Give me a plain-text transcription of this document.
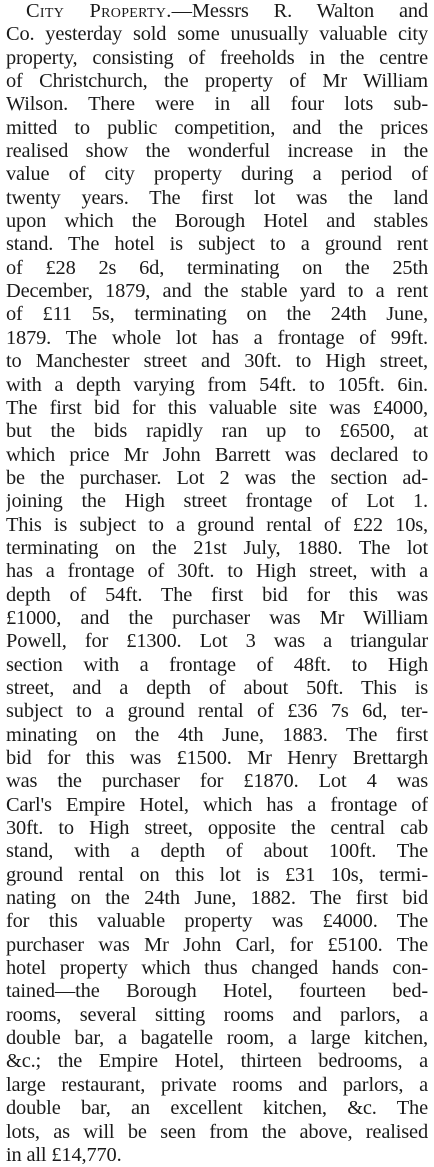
City Property.—Messrs R. Walton and
Co. yesterday sold some unusually valuable city
property, consisting of freeholds in the centre
of Christchurch, the property of Mr William
Wilson. There were in all four lots sub-
mitted to public competition, and the prices
realised show the wonderful increase in the
value of city property during a period of
twenty years. The first lot was the land
upon which the Borough Hotel and stables
stand. The hotel is subject to a ground rent
of £28 2s 6d, terminating on the 25th
December, 1879, and the stable yard to a rent
of £11 5s, terminating on the 24th June,
1879. The whole lot has a frontage of 99ft.
to Manchester street and 30ft. to High street,
with a depth varying from 54ft. to 105ft. 6in.
The first bid for this valuable site was £4000,
but the bids rapidly ran up to £6500, at
which price Mr John Barrett was declared to
be the purchaser. Lot 2 was the section ad-
joining the High street frontage of Lot 1.
This is subject to a ground rental of £22 10s,
terminating on the 21st July, 1880. The lot
has a frontage of 30ft. to High street, with a
depth of 54ft. The first bid for this was
£1000, and the purchaser was Mr William
Powell, for £1300. Lot 3 was a triangular
section with a frontage of 48ft. to High
street, and a depth of about 50ft. This is
subject to a ground rental of £36 7s 6d, ter-
minating on the 4th June, 1883. The first
bid for this was £1500. Mr Henry Brettargh
was the purchaser for £1870. Lot 4 was
Carl's Empire Hotel, which has a frontage of
30ft. to High street, opposite the central cab
stand, with a depth of about 100ft. The
ground rental on this lot is £31 10s, termi-
nating on the 24th June, 1882. The first bid
for this valuable property was £4000. The
purchaser was Mr John Carl, for £5100. The
hotel property which thus changed hands con-
tained—the Borough Hotel, fourteen bed-
rooms, several sitting rooms and parlors, a
double bar, a bagatelle room, a large kitchen,
&c.; the Empire Hotel, thirteen bedrooms, a
large restaurant, private rooms and parlors, a
double bar, an excellent kitchen, &c. The
lots, as will be seen from the above, realised
in all £14,770.
